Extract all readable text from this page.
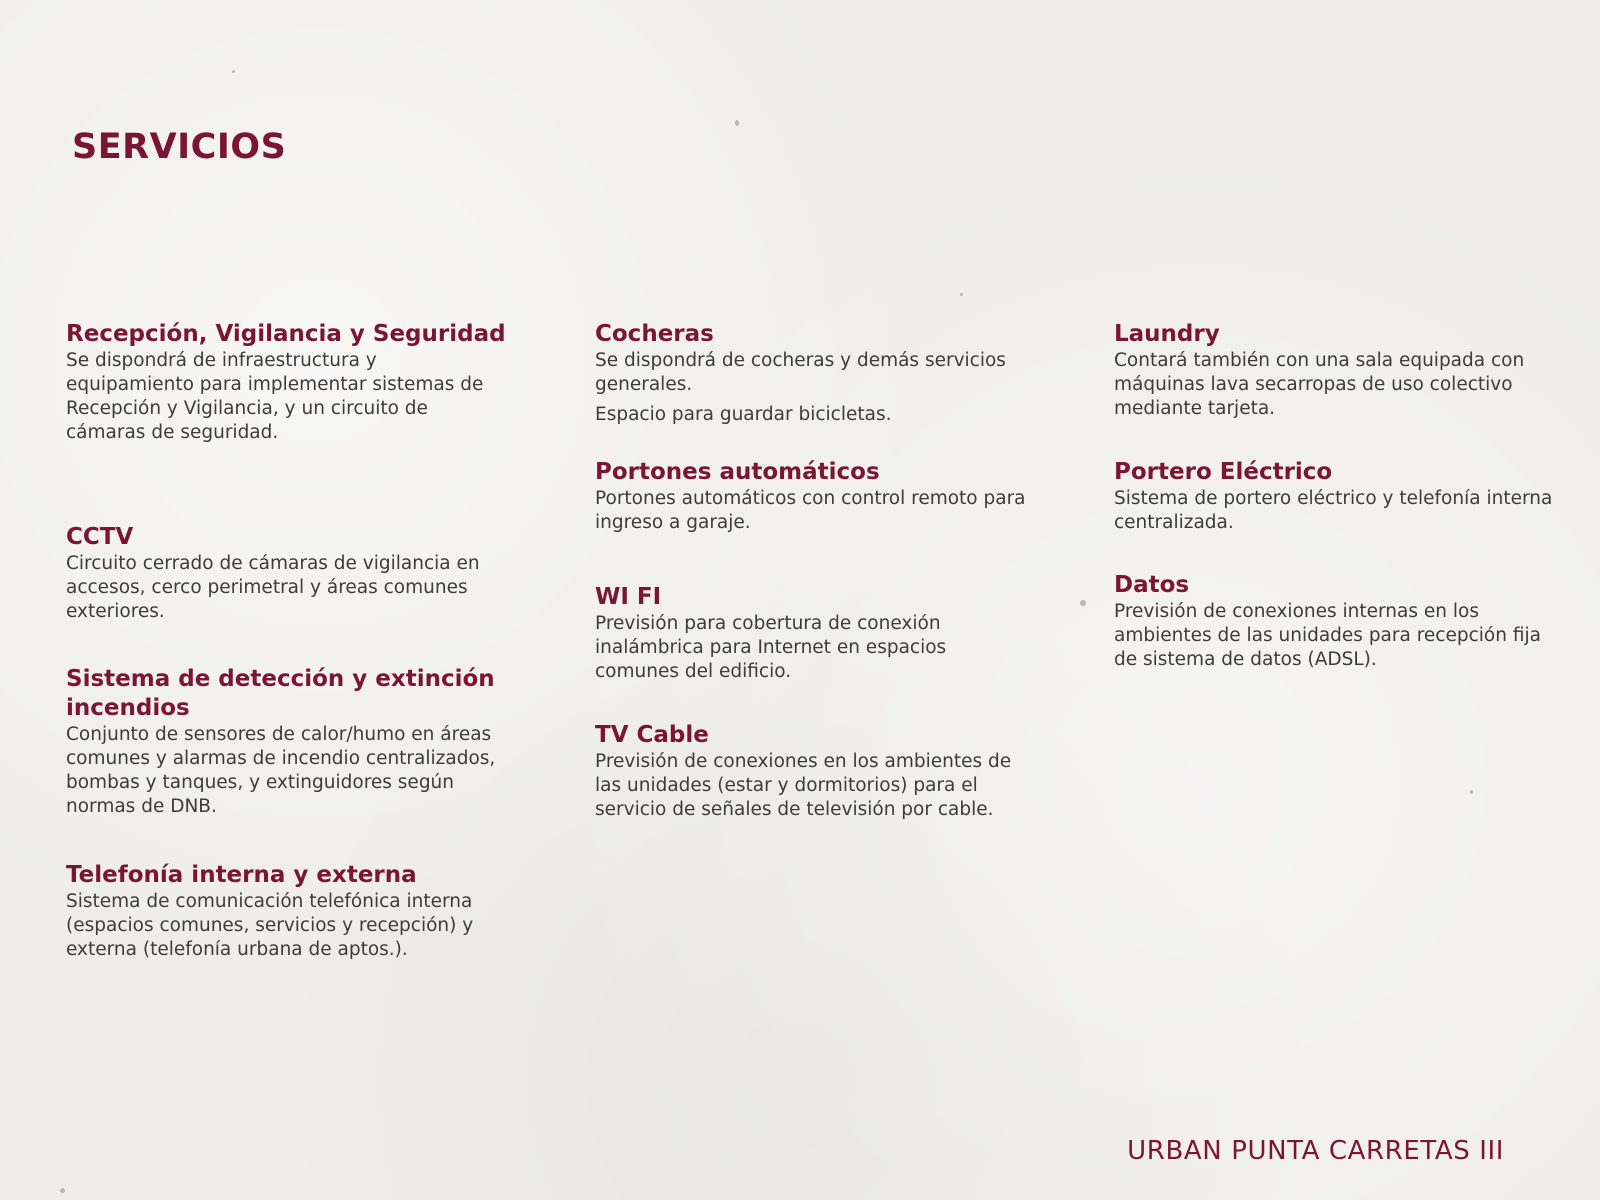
SERVICIOS
Recepción, Vigilancia y Seguridad

Se dispondrá de infraestructura y equipamiento para implementar sistemas de Recepción y Vigilancia, y un circuito de cámaras de seguridad.

CCTV

Circuito cerrado de cámaras de vigilancia en accesos, cerco perimetral y áreas comunes exteriores.

Sistema de detección y extinción incendios

Conjunto de sensores de calor/humo en áreas comunes y alarmas de incendio centralizados, bombas y tanques, y extinguidores según normas de DNB.

Telefonía interna y externa

Sistema de comunicación telefónica interna (espacios comunes, servicios y recepción) y externa (telefonía urbana de aptos.).

Cocheras

Se dispondrá de cocheras y demás servicios generales.

Espacio para guardar bicicletas.

Portones automáticos

Portones automáticos con control remoto para ingreso a garaje.

WI FI

Previsión para cobertura de conexión inalámbrica para Internet en espacios comunes del edificio.

TV Cable

Previsión de conexiones en los ambientes de las unidades (estar y dormitorios) para el servicio de señales de televisión por cable.

Laundry

Contará también con una sala equipada con máquinas lava secarropas de uso colectivo mediante tarjeta.

Portero Eléctrico

Sistema de portero eléctrico y telefonía interna centralizada.

Datos

Previsión de conexiones internas en los ambientes de las unidades para recepción fija de sistema de datos (ADSL).

URBAN PUNTA CARRETAS III
